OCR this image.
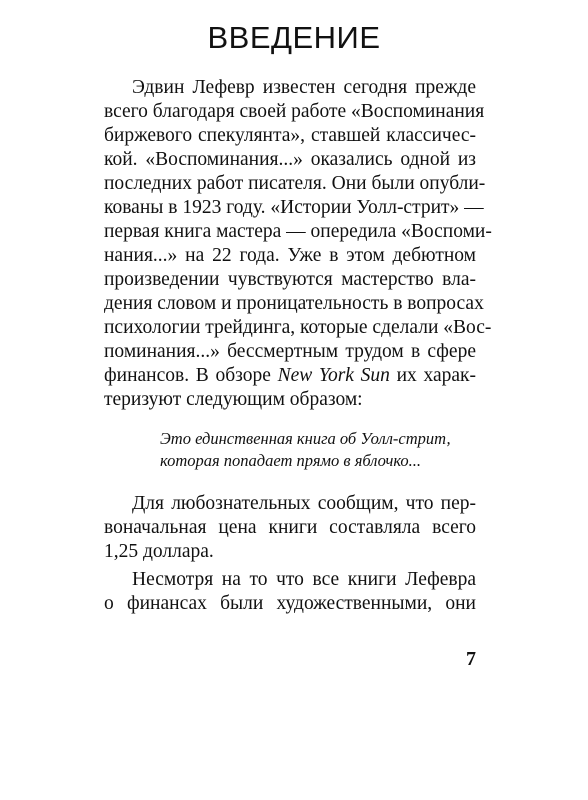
ВВЕДЕНИЕ
Эдвин Лефевр известен сегодня прежде
всего благодаря своей работе «Воспоминания
биржевого спекулянта», ставшей классичес-
кой. «Воспоминания...» оказались одной из
последних работ писателя. Они были опубли-
кованы в 1923 году. «Истории Уолл-стрит» —
первая книга мастера — опередила «Воспоми-
нания...» на 22 года. Уже в этом дебютном
произведении чувствуются мастерство вла-
дения словом и проницательность в вопросах
психологии трейдинга, которые сделали «Вос-
поминания...» бессмертным трудом в сфере
финансов. В обзоре New York Sun их харак-
теризуют следующим образом:
Это единственная книга об Уолл-стрит,
которая попадает прямо в яблочко...
Для любознательных сообщим, что пер-
воначальная цена книги составляла всего
1,25 доллара.
Несмотря на то что все книги Лефевра
о финансах были художественными, они
7
